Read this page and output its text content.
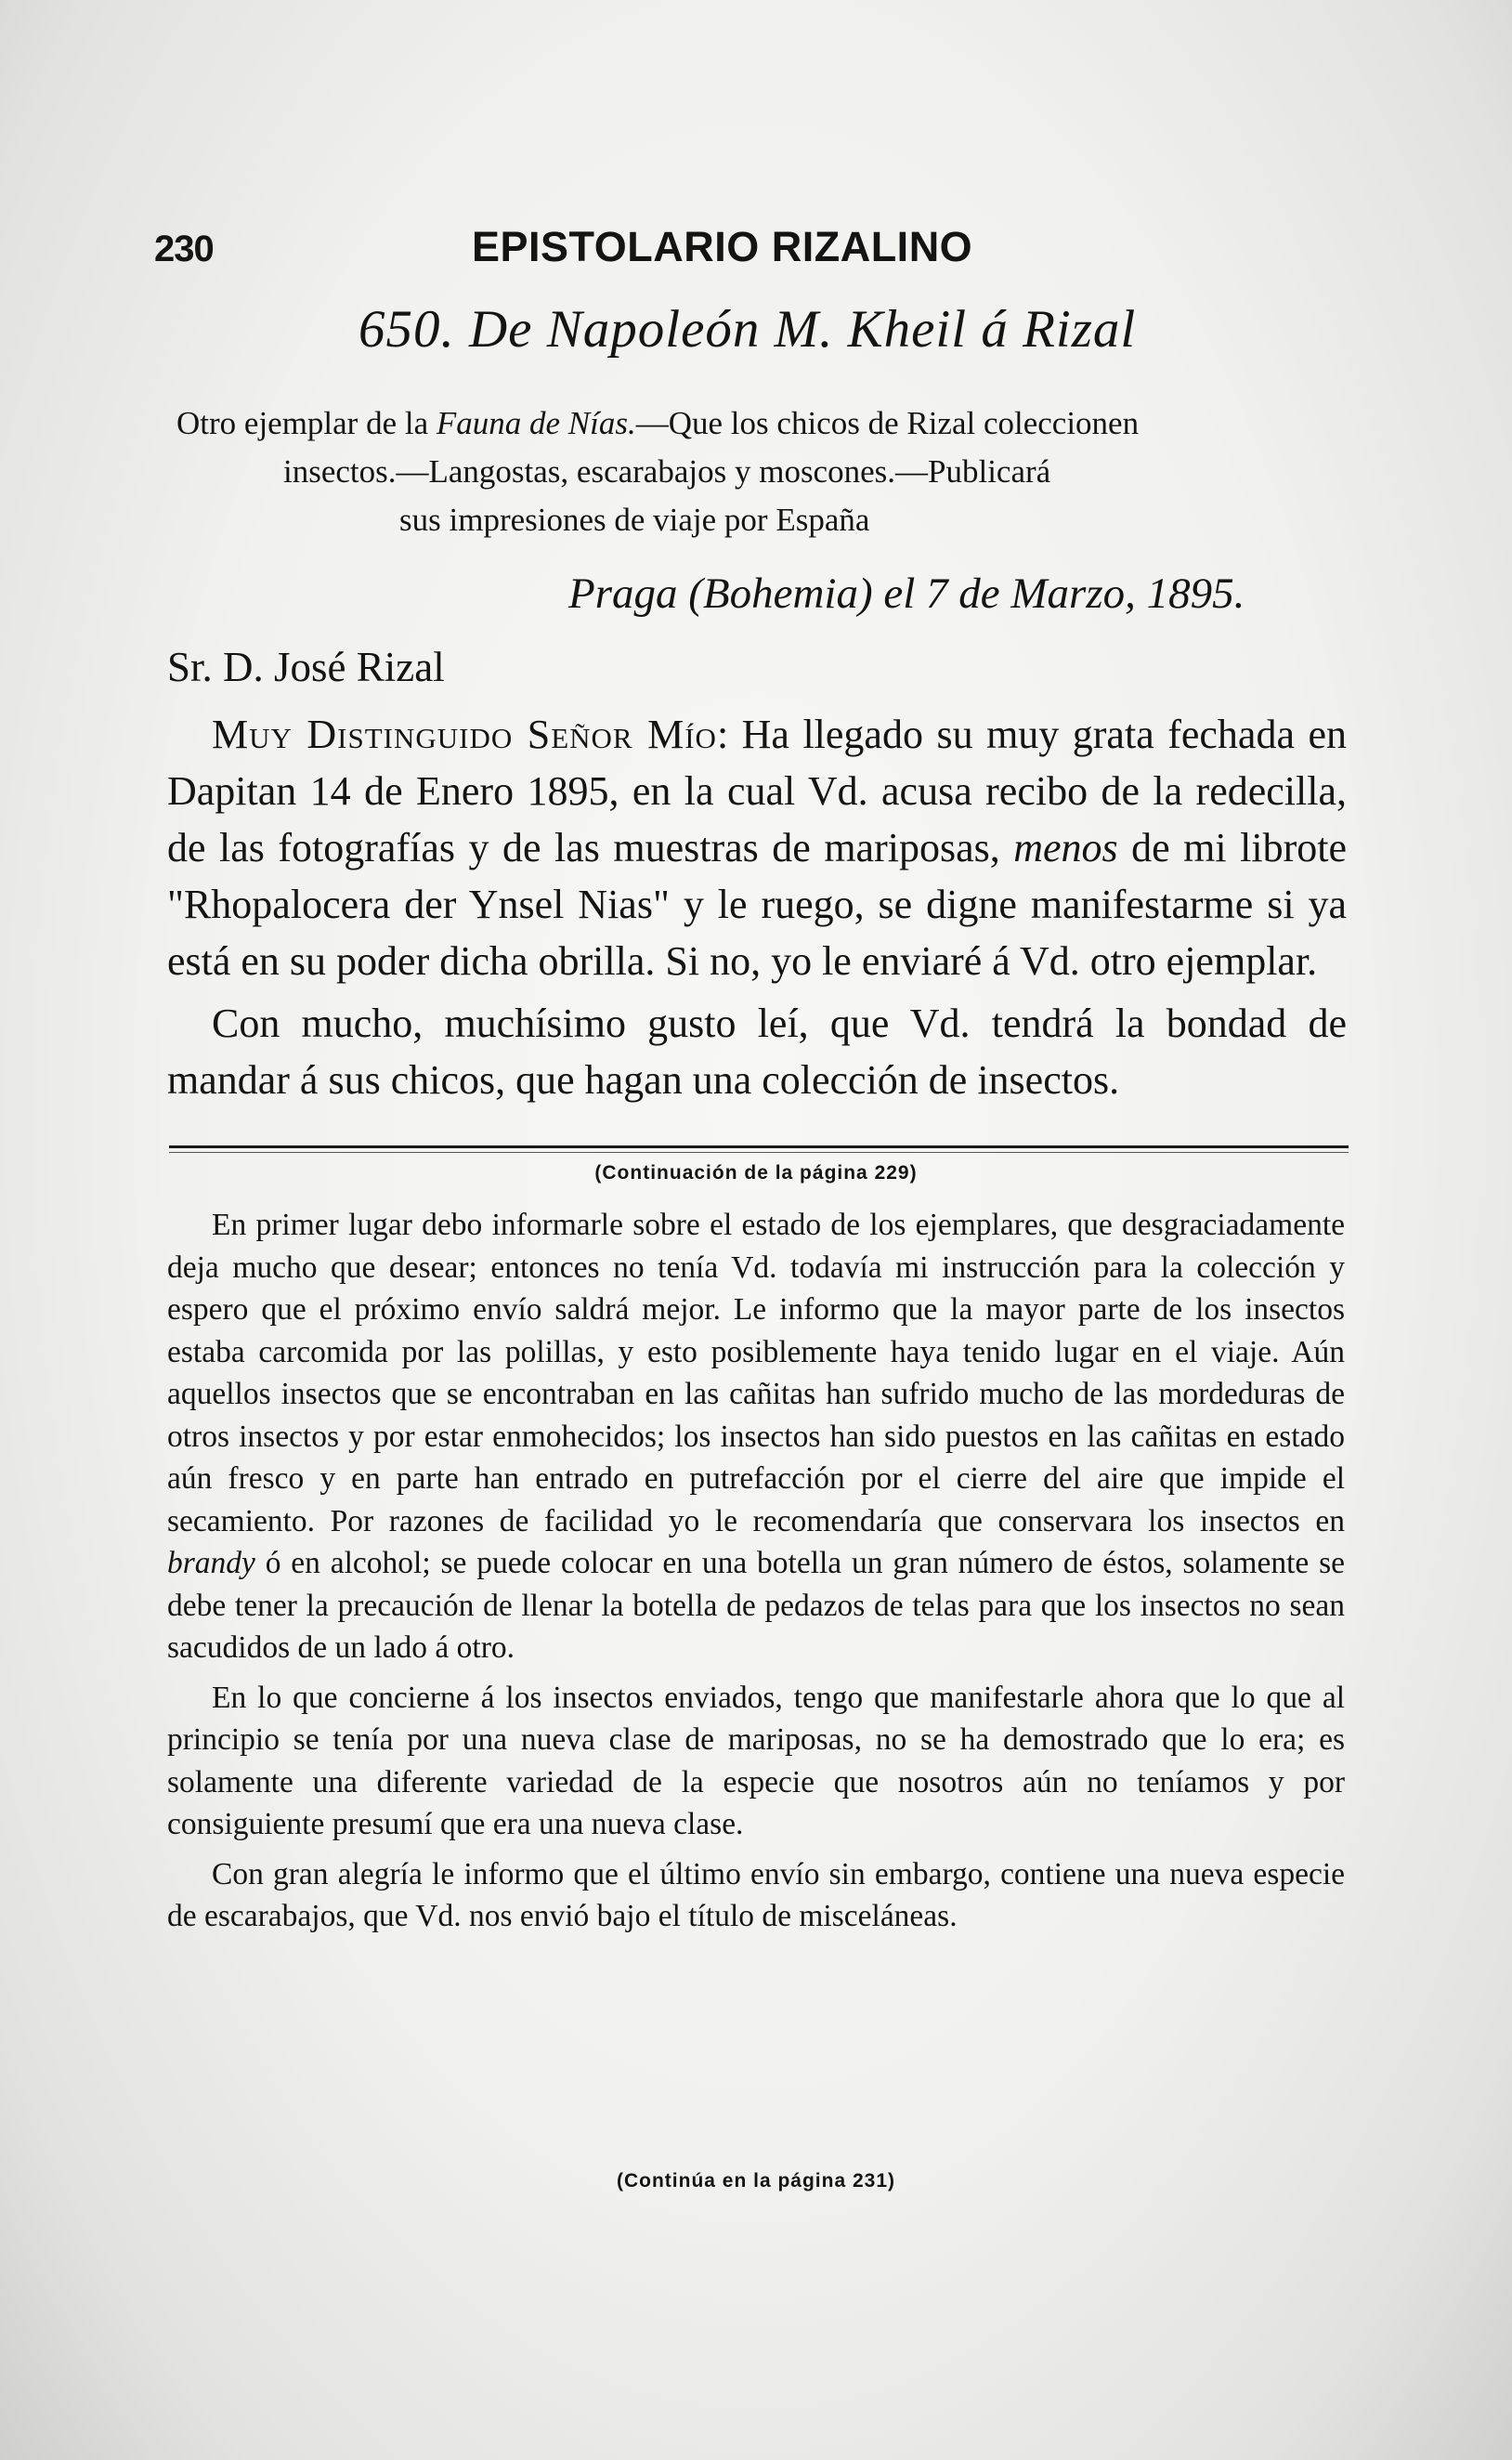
230	EPISTOLARIO RIZALINO
650. De Napoleón M. Kheil á Rizal
Otro ejemplar de la Fauna de Nías.—Que los chicos de Rizal coleccionen
insectos.—Langostas, escarabajos y moscones.—Publicará
sus impresiones de viaje por España
Praga (Bohemia) el 7 de Marzo, 1895.
Sr. D. José Rizal

Muy Distinguido Señor Mío: Ha llegado su muy grata fechada en Dapitan 14 de Enero 1895, en la cual Vd. acusa recibo de la redecilla, de las fotografías y de las muestras de mariposas, menos de mi librote "Rhopalocera der Ynsel Nias" y le ruego, se digne manifestarme si ya está en su poder dicha obrilla. Si no, yo le enviaré á Vd. otro ejemplar.

Con mucho, muchísimo gusto leí, que Vd. tendrá la bondad de mandar á sus chicos, que hagan una colección de insectos.

(Continuación de la página 229)

En primer lugar debo informarle sobre el estado de los ejemplares, que desgraciadamente deja mucho que desear; entonces no tenía Vd. todavía mi instrucción para la colección y espero que el próximo envío saldrá mejor. Le informo que la mayor parte de los insectos estaba carcomida por las polillas, y esto posiblemente haya tenido lugar en el viaje. Aún aquellos insectos que se encontraban en las cañitas han sufrido mucho de las mordeduras de otros insectos y por estar enmohecidos; los insectos han sido puestos en las cañitas en estado aún fresco y en parte han entrado en putrefacción por el cierre del aire que impide el secamiento. Por razones de facilidad yo le recomendaría que conservara los insectos en brandy ó en alcohol; se puede colocar en una botella un gran número de éstos, solamente se debe tener la precaución de llenar la botella de pedazos de telas para que los insectos no sean sacudidos de un lado á otro.

En lo que concierne á los insectos enviados, tengo que manifestarle ahora que lo que al principio se tenía por una nueva clase de mariposas, no se ha demostrado que lo era; es solamente una diferente variedad de la especie que nosotros aún no teníamos y por consiguiente presumí que era una nueva clase.

Con gran alegría le informo que el último envío sin embargo, contiene una nueva especie de escarabajos, que Vd. nos envió bajo el título de misceláneas.

(Continúa en la página 231)
